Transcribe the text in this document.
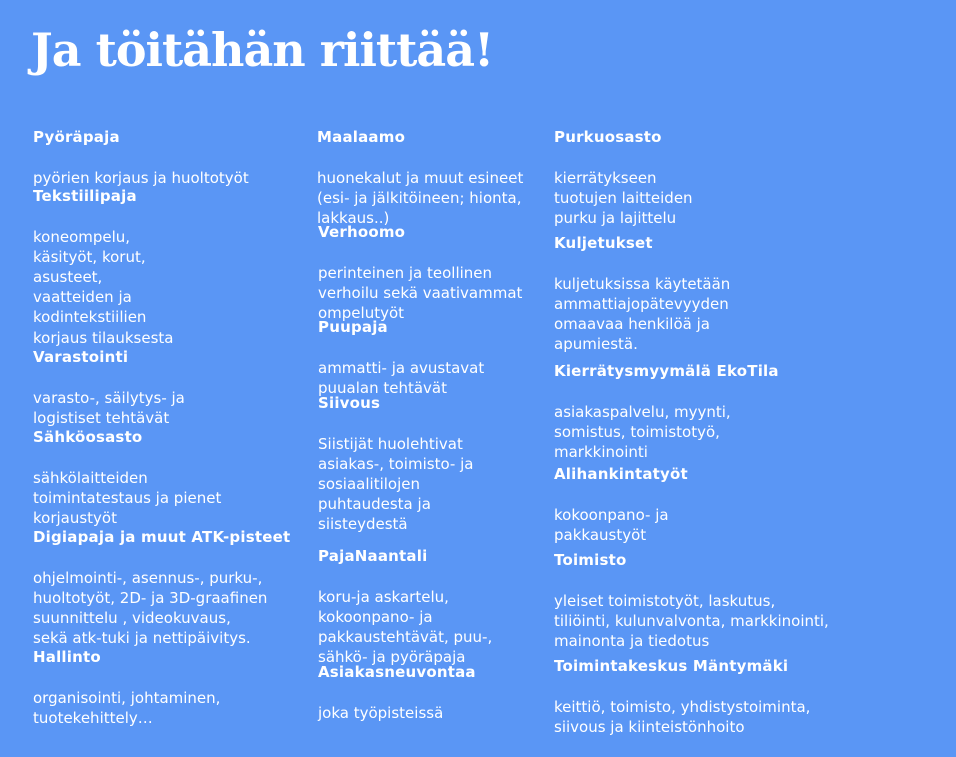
Ja töitähän riittää!

Pyöräpaja

pyörien korjaus ja huoltotyöt

Tekstiilipaja

koneompelu,
käsityöt, korut,
asusteet,
vaatteiden ja
kodintekstiilien
korjaus tilauksesta

Varastointi

varasto-, säilytys- ja
logistiset tehtävät

Sähköosasto

sähkölaitteiden
toimintatestaus ja pienet
korjaustyöt

Digiapaja ja muut ATK-pisteet

ohjelmointi-, asennus-, purku-,
huoltotyöt, 2D- ja 3D-graafinen
suunnittelu , videokuvaus,
sekä atk-tuki ja nettipäivitys.

Hallinto

organisointi, johtaminen,
tuotekehittely…

Maalaamo

huonekalut ja muut esineet
(esi- ja jälkitöineen; hionta,
lakkaus..)

Verhoomo

perinteinen ja teollinen
verhoilu sekä vaativammat
ompelutyöt

Puupaja

ammatti- ja avustavat
puualan tehtävät

Siivous

Siistijät huolehtivat
asiakas-, toimisto- ja
sosiaalitilojen
puhtaudesta ja
siisteydestä

PajaNaantali

koru-ja askartelu,
kokoonpano- ja
pakkaustehtävät, puu-,
sähkö- ja pyöräpaja

Asiakasneuvontaa

joka työpisteissä

Purkuosasto

kierrätykseen
tuotujen laitteiden
purku ja lajittelu

Kuljetukset

kuljetuksissa käytetään
ammattiajopätevyyden
omaavaa henkilöä ja
apumiestä.

Kierrätysmyymälä EkoTila

asiakaspalvelu, myynti,
somistus, toimistotyö,
markkinointi

Alihankintatyöt

kokoonpano- ja
pakkaustyöt

Toimisto

yleiset toimistotyöt, laskutus,
tiliöinti, kulunvalvonta, markkinointi,
mainonta ja tiedotus

Toimintakeskus Mäntymäki

keittiö, toimisto, yhdistystoiminta,
siivous ja kiinteistönhoito
